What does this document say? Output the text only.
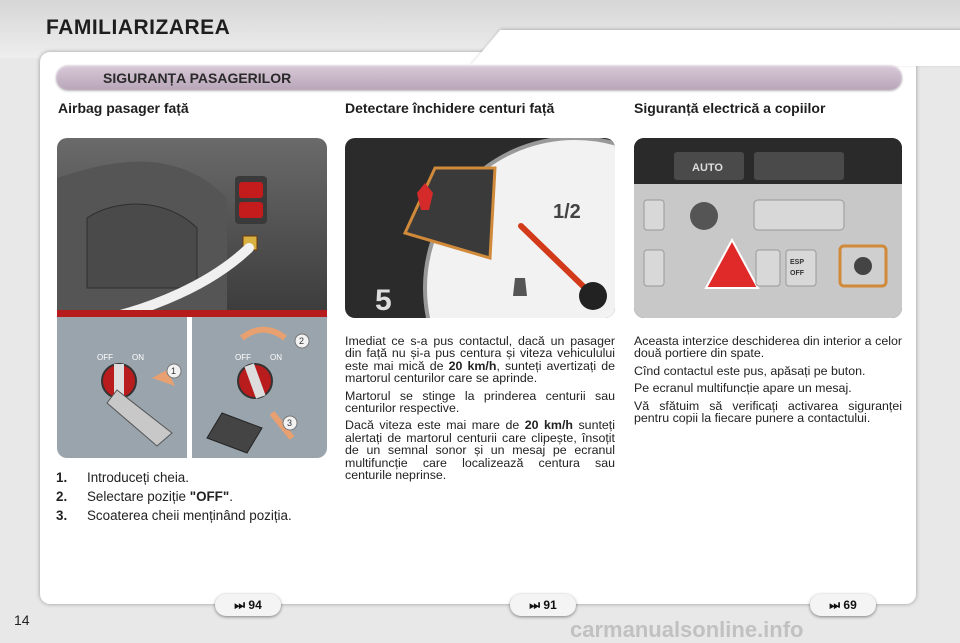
FAMILIARIZAREA
SIGURANȚA PASAGERILOR
Airbag pasager față	Detectare închidere centuri față	Siguranță electrică a copiilor
OFF ON
1
OFF ON
2
3
1/2
5
AUTO
ESP
OFF
1.	Introduceți cheia.
2.	Selectare poziție "OFF".
3.	Scoaterea cheii menținând poziția.

Imediat ce s-a pus contactul, dacă un pasager din față nu și-a pus centura și viteza vehiculului este mai mică de 20 km/h, sunteți avertizați de martorul centurilor care se aprinde.

Martorul se stinge la prinderea centurii sau centurilor respective.

Dacă viteza este mai mare de 20 km/h sunteți alertați de martorul centurii care clipește, însoțit de un semnal sonor și un mesaj pe ecranul multifuncție care localizează centura sau centurile neprinse.

Aceasta interzice deschiderea din interior a celor două portiere din spate.

Cînd contactul este pus, apăsați pe buton.

Pe ecranul multifuncție apare un mesaj.

Vă sfătuim să verificați activarea siguranței pentru copii la fiecare punere a contactului.

⏭ 94	⏭ 91	⏭ 69
14	carmanualsonline.info
